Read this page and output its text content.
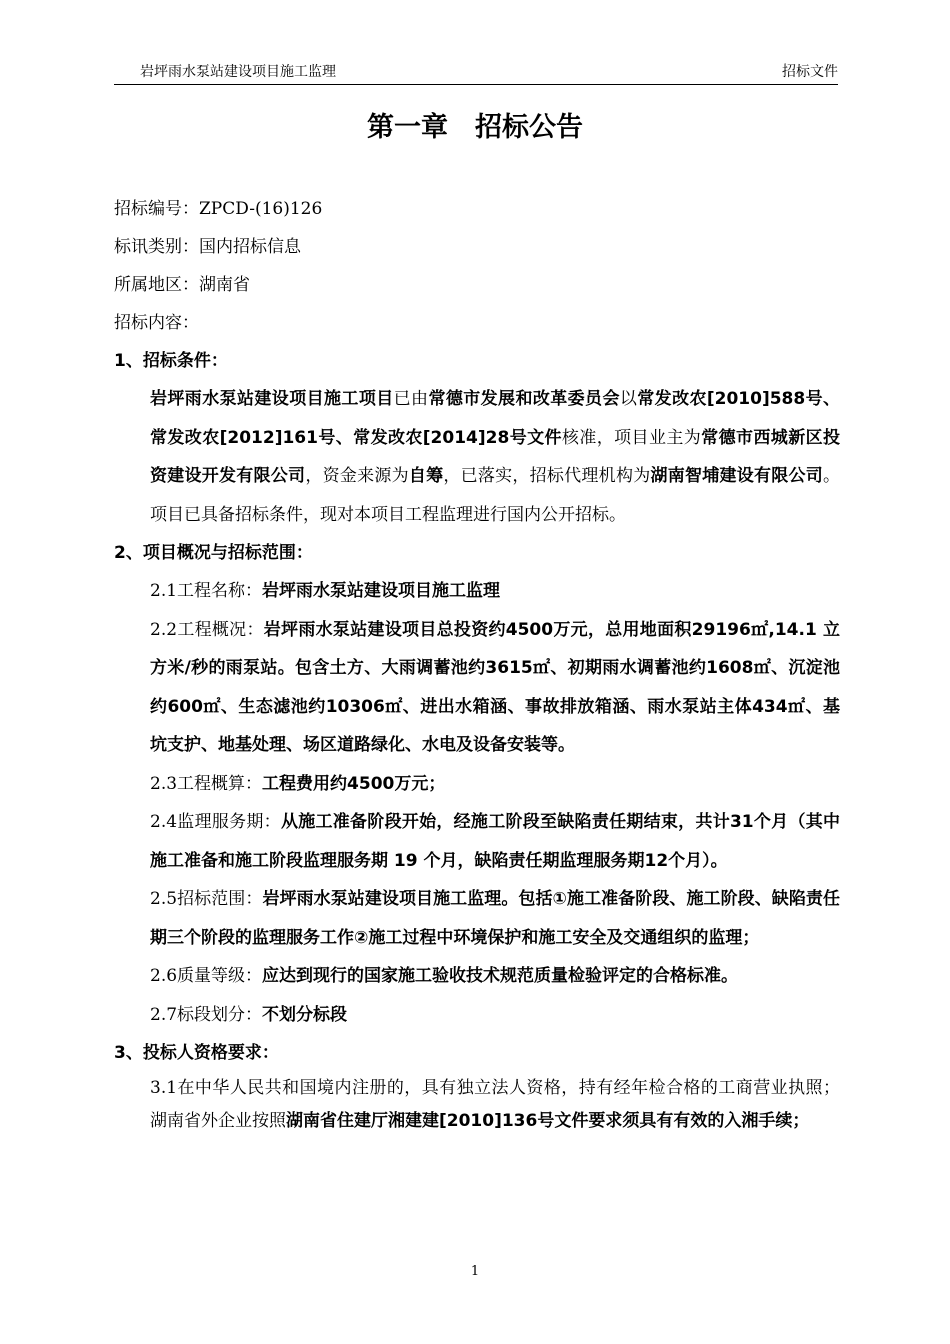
岩坪雨水泵站建设项目施工监理	招标文件
第一章　招标公告
招标编号：ZPCD-(16)126
标讯类别：国内招标信息
所属地区：湖南省
招标内容：
1、招标条件：
岩坪雨水泵站建设项目施工项目已由常德市发展和改革委员会以常发改农[2010]588号、常发改农[2012]161号、常发改农[2014]28号文件核准，项目业主为常德市西城新区投资建设开发有限公司，资金来源为自筹，已落实，招标代理机构为湖南智埔建设有限公司。项目已具备招标条件，现对本项目工程监理进行国内公开招标。
2、项目概况与招标范围：
2.1工程名称：岩坪雨水泵站建设项目施工监理
2.2工程概况：岩坪雨水泵站建设项目总投资约4500万元，总用地面积29196㎡,14.1 立方米/秒的雨泵站。包含土方、大雨调蓄池约3615㎡、初期雨水调蓄池约1608㎡、沉淀池约600㎡、生态滤池约10306㎡、进出水箱涵、事故排放箱涵、雨水泵站主体434㎡、基坑支护、地基处理、场区道路绿化、水电及设备安装等。
2.3工程概算：工程费用约4500万元；
2.4监理服务期：从施工准备阶段开始，经施工阶段至缺陷责任期结束，共计31个月（其中施工准备和施工阶段监理服务期 19 个月，缺陷责任期监理服务期12个月）。
2.5招标范围：岩坪雨水泵站建设项目施工监理。包括①施工准备阶段、施工阶段、缺陷责任期三个阶段的监理服务工作②施工过程中环境保护和施工安全及交通组织的监理；
2.6质量等级：应达到现行的国家施工验收技术规范质量检验评定的合格标准。
2.7标段划分：不划分标段
3、投标人资格要求：
3.1在中华人民共和国境内注册的，具有独立法人资格，持有经年检合格的工商营业执照；湖南省外企业按照湖南省住建厅湘建建[2010]136号文件要求须具有有效的入湘手续；
1
